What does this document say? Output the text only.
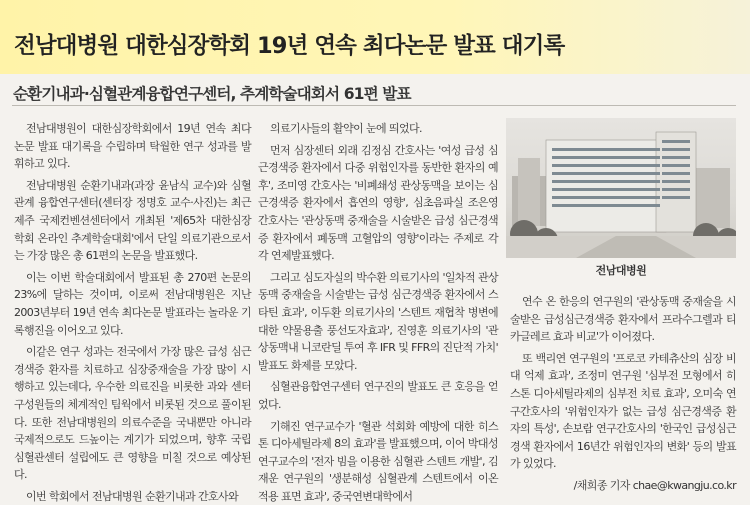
전남대병원 대한심장학회 19년 연속 최다논문 발표 대기록
순환기내과·심혈관계융합연구센터, 추계학술대회서 61편 발표

전남대병원이 대한심장학회에서 19년 연속 최다 논문 발표 대기록을 수립하며 탁월한 연구 성과를 발휘하고 있다.

전남대병원 순환기내과(과장 윤남식 교수)와 심혈관계 융합연구센터(센터장 정명호 교수·사진)는 최근 제주 국제컨벤션센터에서 개최된 '제65차 대한심장학회 온라인 추계학술대회'에서 단일 의료기관으로서는 가장 많은 총 61편의 논문을 발표했다.

이는 이번 학술대회에서 발표된 총 270편 논문의 23%에 달하는 것이며, 이로써 전남대병원은 지난 2003년부터 19년 연속 최다논문 발표라는 놀라운 기록행진을 이어오고 있다.

이같은 연구 성과는 전국에서 가장 많은 급성 심근경색증 환자를 치료하고 심장중재술을 가장 많이 시행하고 있는데다, 우수한 의료진을 비롯한 과와 센터 구성원들의 체계적인 팀웍에서 비롯된 것으로 풀이된다. 또한 전남대병원의 의료수준을 국내뿐만 아니라 국제적으로도 드높이는 계기가 되었으며, 향후 국립심혈관센터 설립에도 큰 영향을 미칠 것으로 예상된다.

이번 학회에서 전남대병원 순환기내과 간호사와

의료기사들의 활약이 눈에 띄었다.

먼저 심장센터 외래 김정심 간호사는 '여성 급성 심근경색증 환자에서 다중 위험인자를 동반한 환자의 예후', 조미영 간호사는 '비폐쇄성 관상동맥을 보이는 심근경색증 환자에서 흡연의 영향', 심초음파실 조은영 간호사는 '관상동맥 중재술을 시술받은 급성 심근경색증 환자에서 폐동맥 고혈압의 영향'이라는 주제로 각각 연제발표했다.

그리고 심도자실의 박수환 의료기사의 '일차적 관상동맥 중재술을 시술받는 급성 심근경색증 환자에서 스타틴 효과', 이두환 의료기사의 '스텐트 재협착 병변에 대한 약물용출 풍선도자효과', 진영훈 의료기사의 '관상동맥내 니코란딜 투여 후 IFR 및 FFR의 진단적 가치' 발표도 화제를 모았다.

심혈관융합연구센터 연구진의 발표도 큰 호응을 얻었다.

기해진 연구교수가 '혈관 석회화 예방에 대한 히스톤 디아세틸라제 8의 효과'를 발표했으며, 이어 박대성 연구교수의 '전자 빔을 이용한 심혈관 스텐트 개발', 김재운 연구원의 '생분해성 심혈관계 스텐트에서 이온 적용 표면 효과', 중국연변대학에서

전남대병원

연수 온 한응의 연구원의 '관상동맥 중재술을 시술받은 급성심근경색증 환자에서 프라수그렐과 티카글레르 효과 비교'가 이어졌다.

또 백리연 연구원의 '프로코 카테츄산의 심장 비대 억제 효과', 조정미 연구원 '심부전 모형에서 히스톤 디아세틸라제의 심부전 치료 효과', 오미숙 연구간호사의 '위험인자가 없는 급성 심근경색증 환자의 특성', 손보람 연구간호사의 '한국인 급성심근경색 환자에서 16년간 위험인자의 변화' 등의 발표가 있었다.

/채희종 기자 chae@kwangju.co.kr
